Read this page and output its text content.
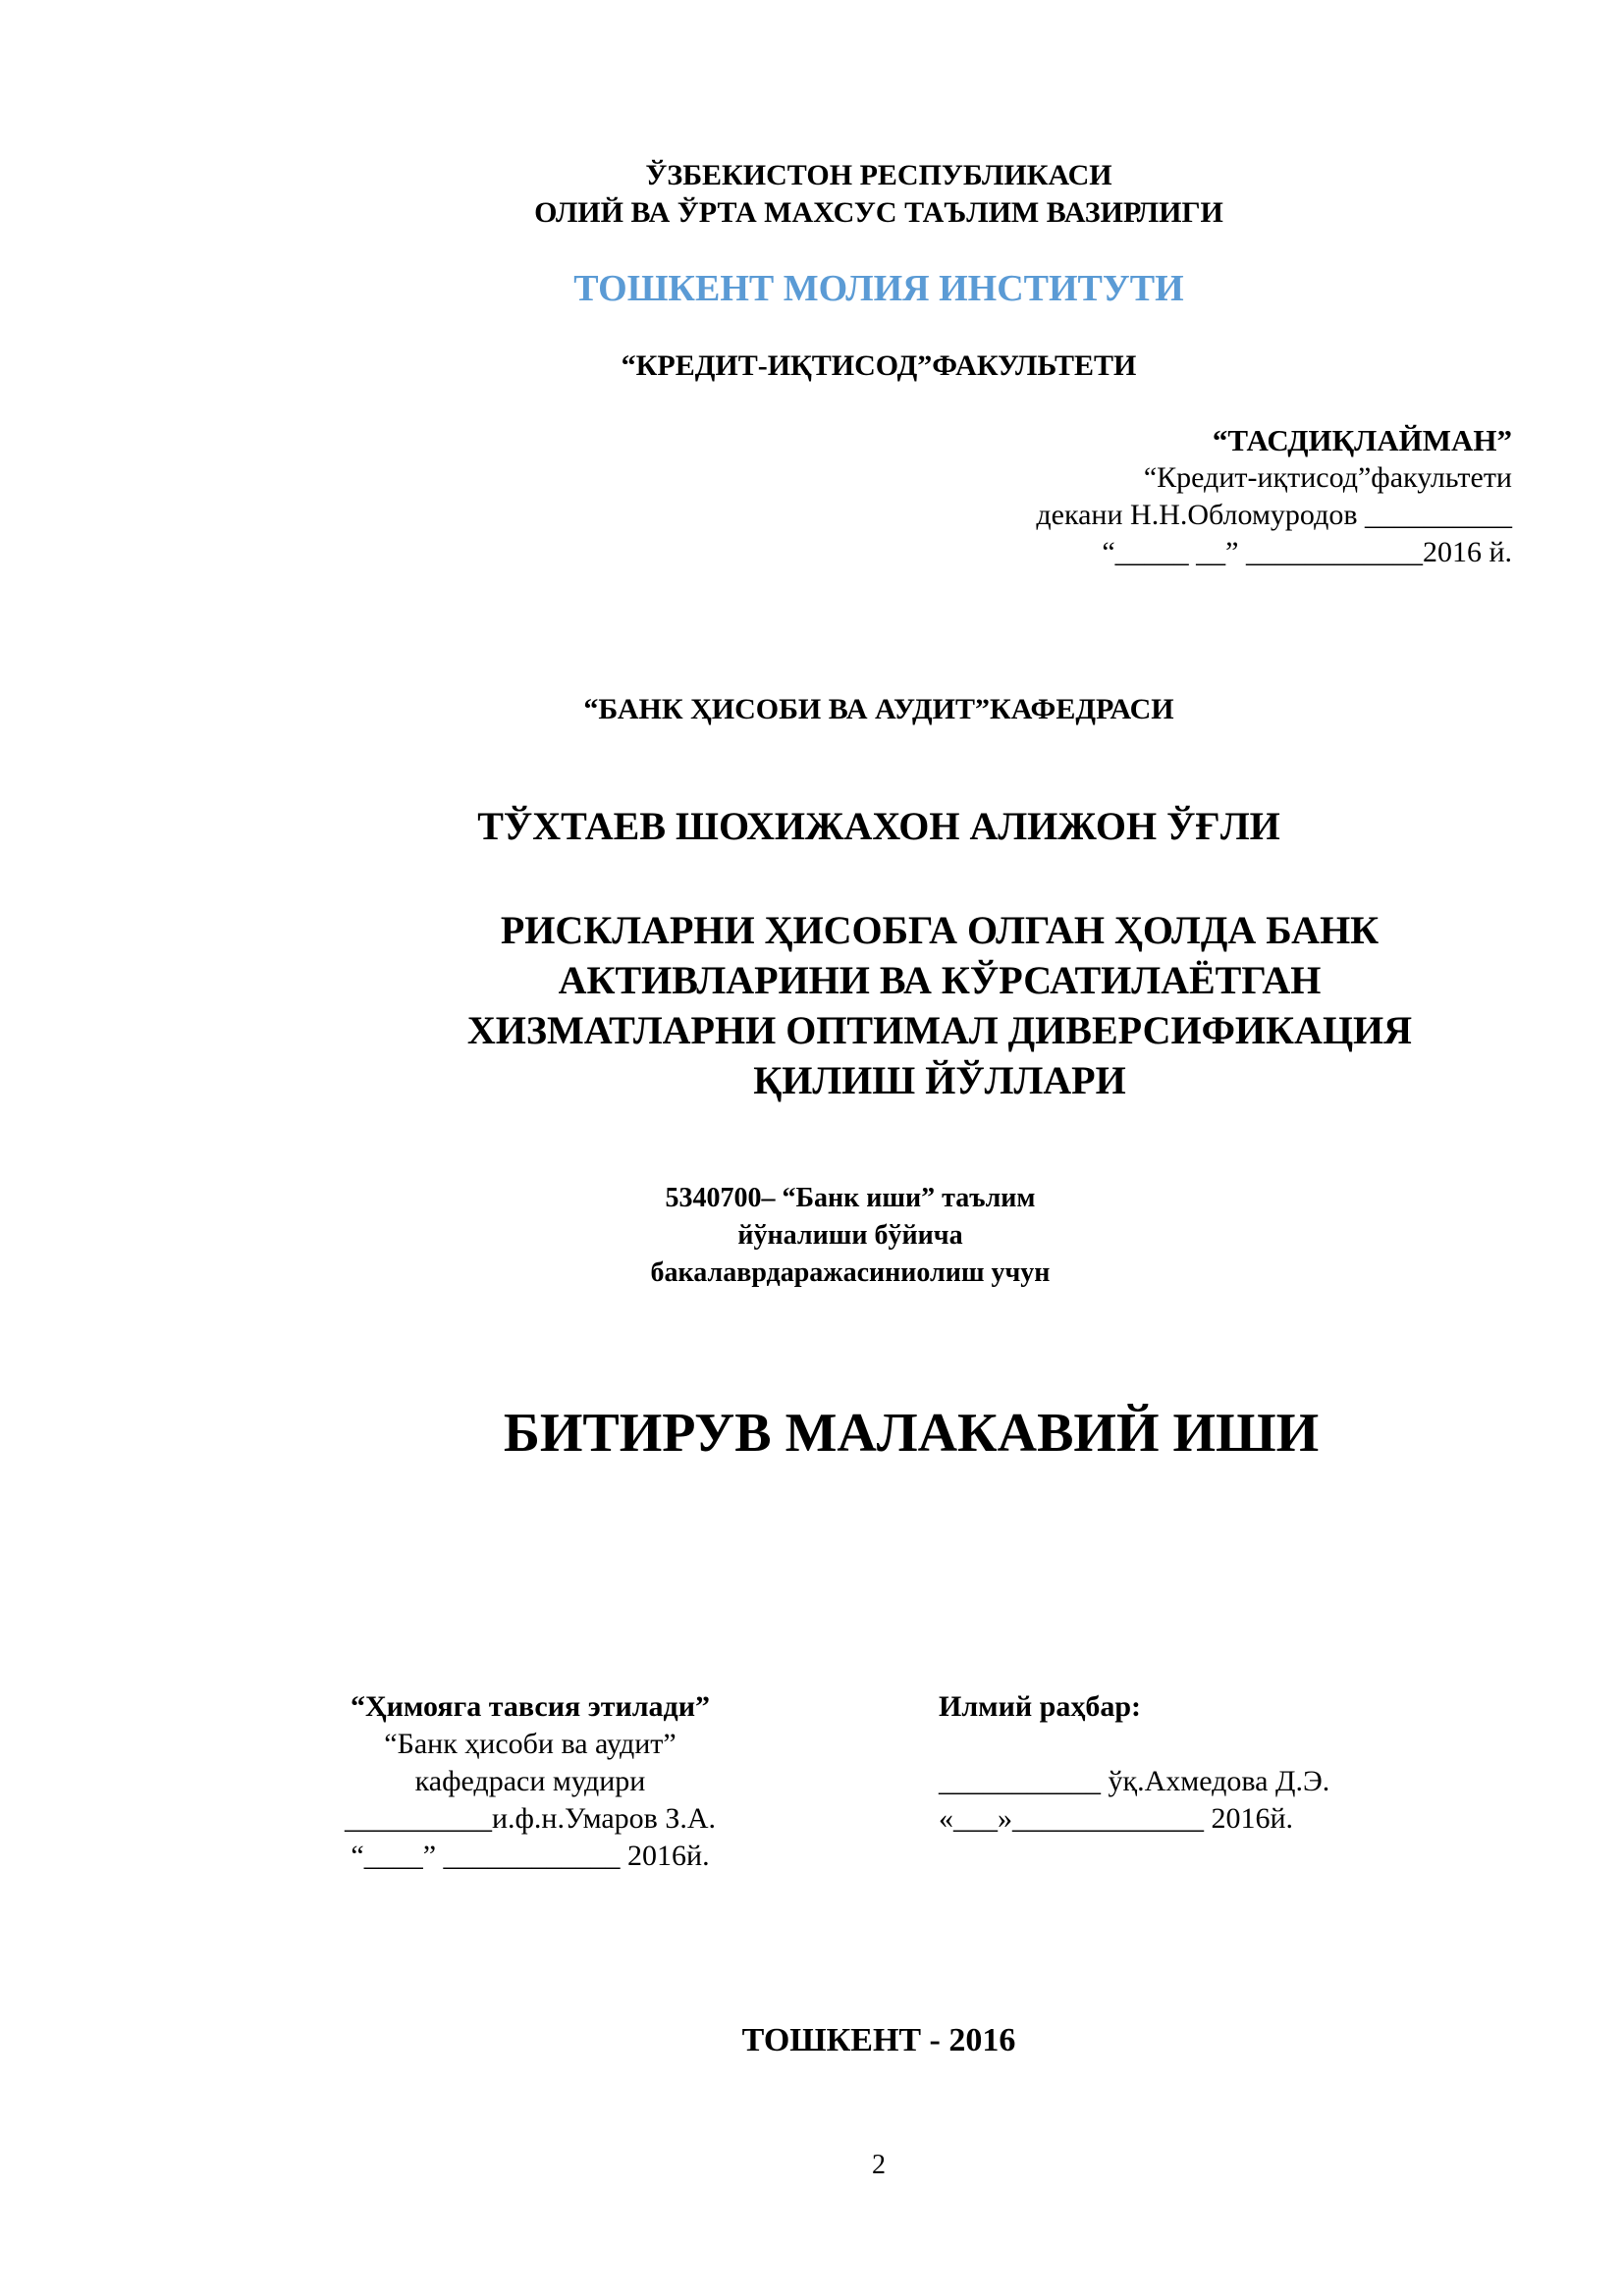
ЎЗБЕКИСТОН РЕСПУБЛИКАСИ
ОЛИЙ ВА ЎРТА МАХСУС ТАЪЛИМ ВАЗИРЛИГИ
ТОШКЕНТ МОЛИЯ ИНСТИТУТИ
“КРЕДИТ-ИҚТИСОД”ФАКУЛЬТЕТИ
“ТАСДИҚЛАЙМАН”
“Кредит-иқтисод”факультети
декани Н.Н.Обломуродов __________
“_____ __” ____________2016 й.
“БАНК ҲИСОБИ ВА АУДИТ”КАФЕДРАСИ
ТЎХТАЕВ ШОХИЖАХОН АЛИЖОН ЎҒЛИ
РИСКЛАРНИ ҲИСОБГА ОЛГАН ҲОЛДА БАНК
АКТИВЛАРИНИ ВА КЎРСАТИЛАЁТГАН
ХИЗМАТЛАРНИ ОПТИМАЛ ДИВЕРСИФИКАЦИЯ
ҚИЛИШ ЙЎЛЛАРИ
5340700– “Банк иши” таълим
йўналиши бўйича
бакалаврдаражасиниолиш учун
БИТИРУВ МАЛАКАВИЙ ИШИ
“Ҳимояга тавсия этилади”
“Банк ҳисоби ва аудит”
кафедраси мудири
__________и.ф.н.Умаров З.А.
“____” ____________ 2016й.
Илмий раҳбар:
___________ ўқ.Ахмедова Д.Э.
«___»_____________ 2016й.
ТОШКЕНТ - 2016
2
